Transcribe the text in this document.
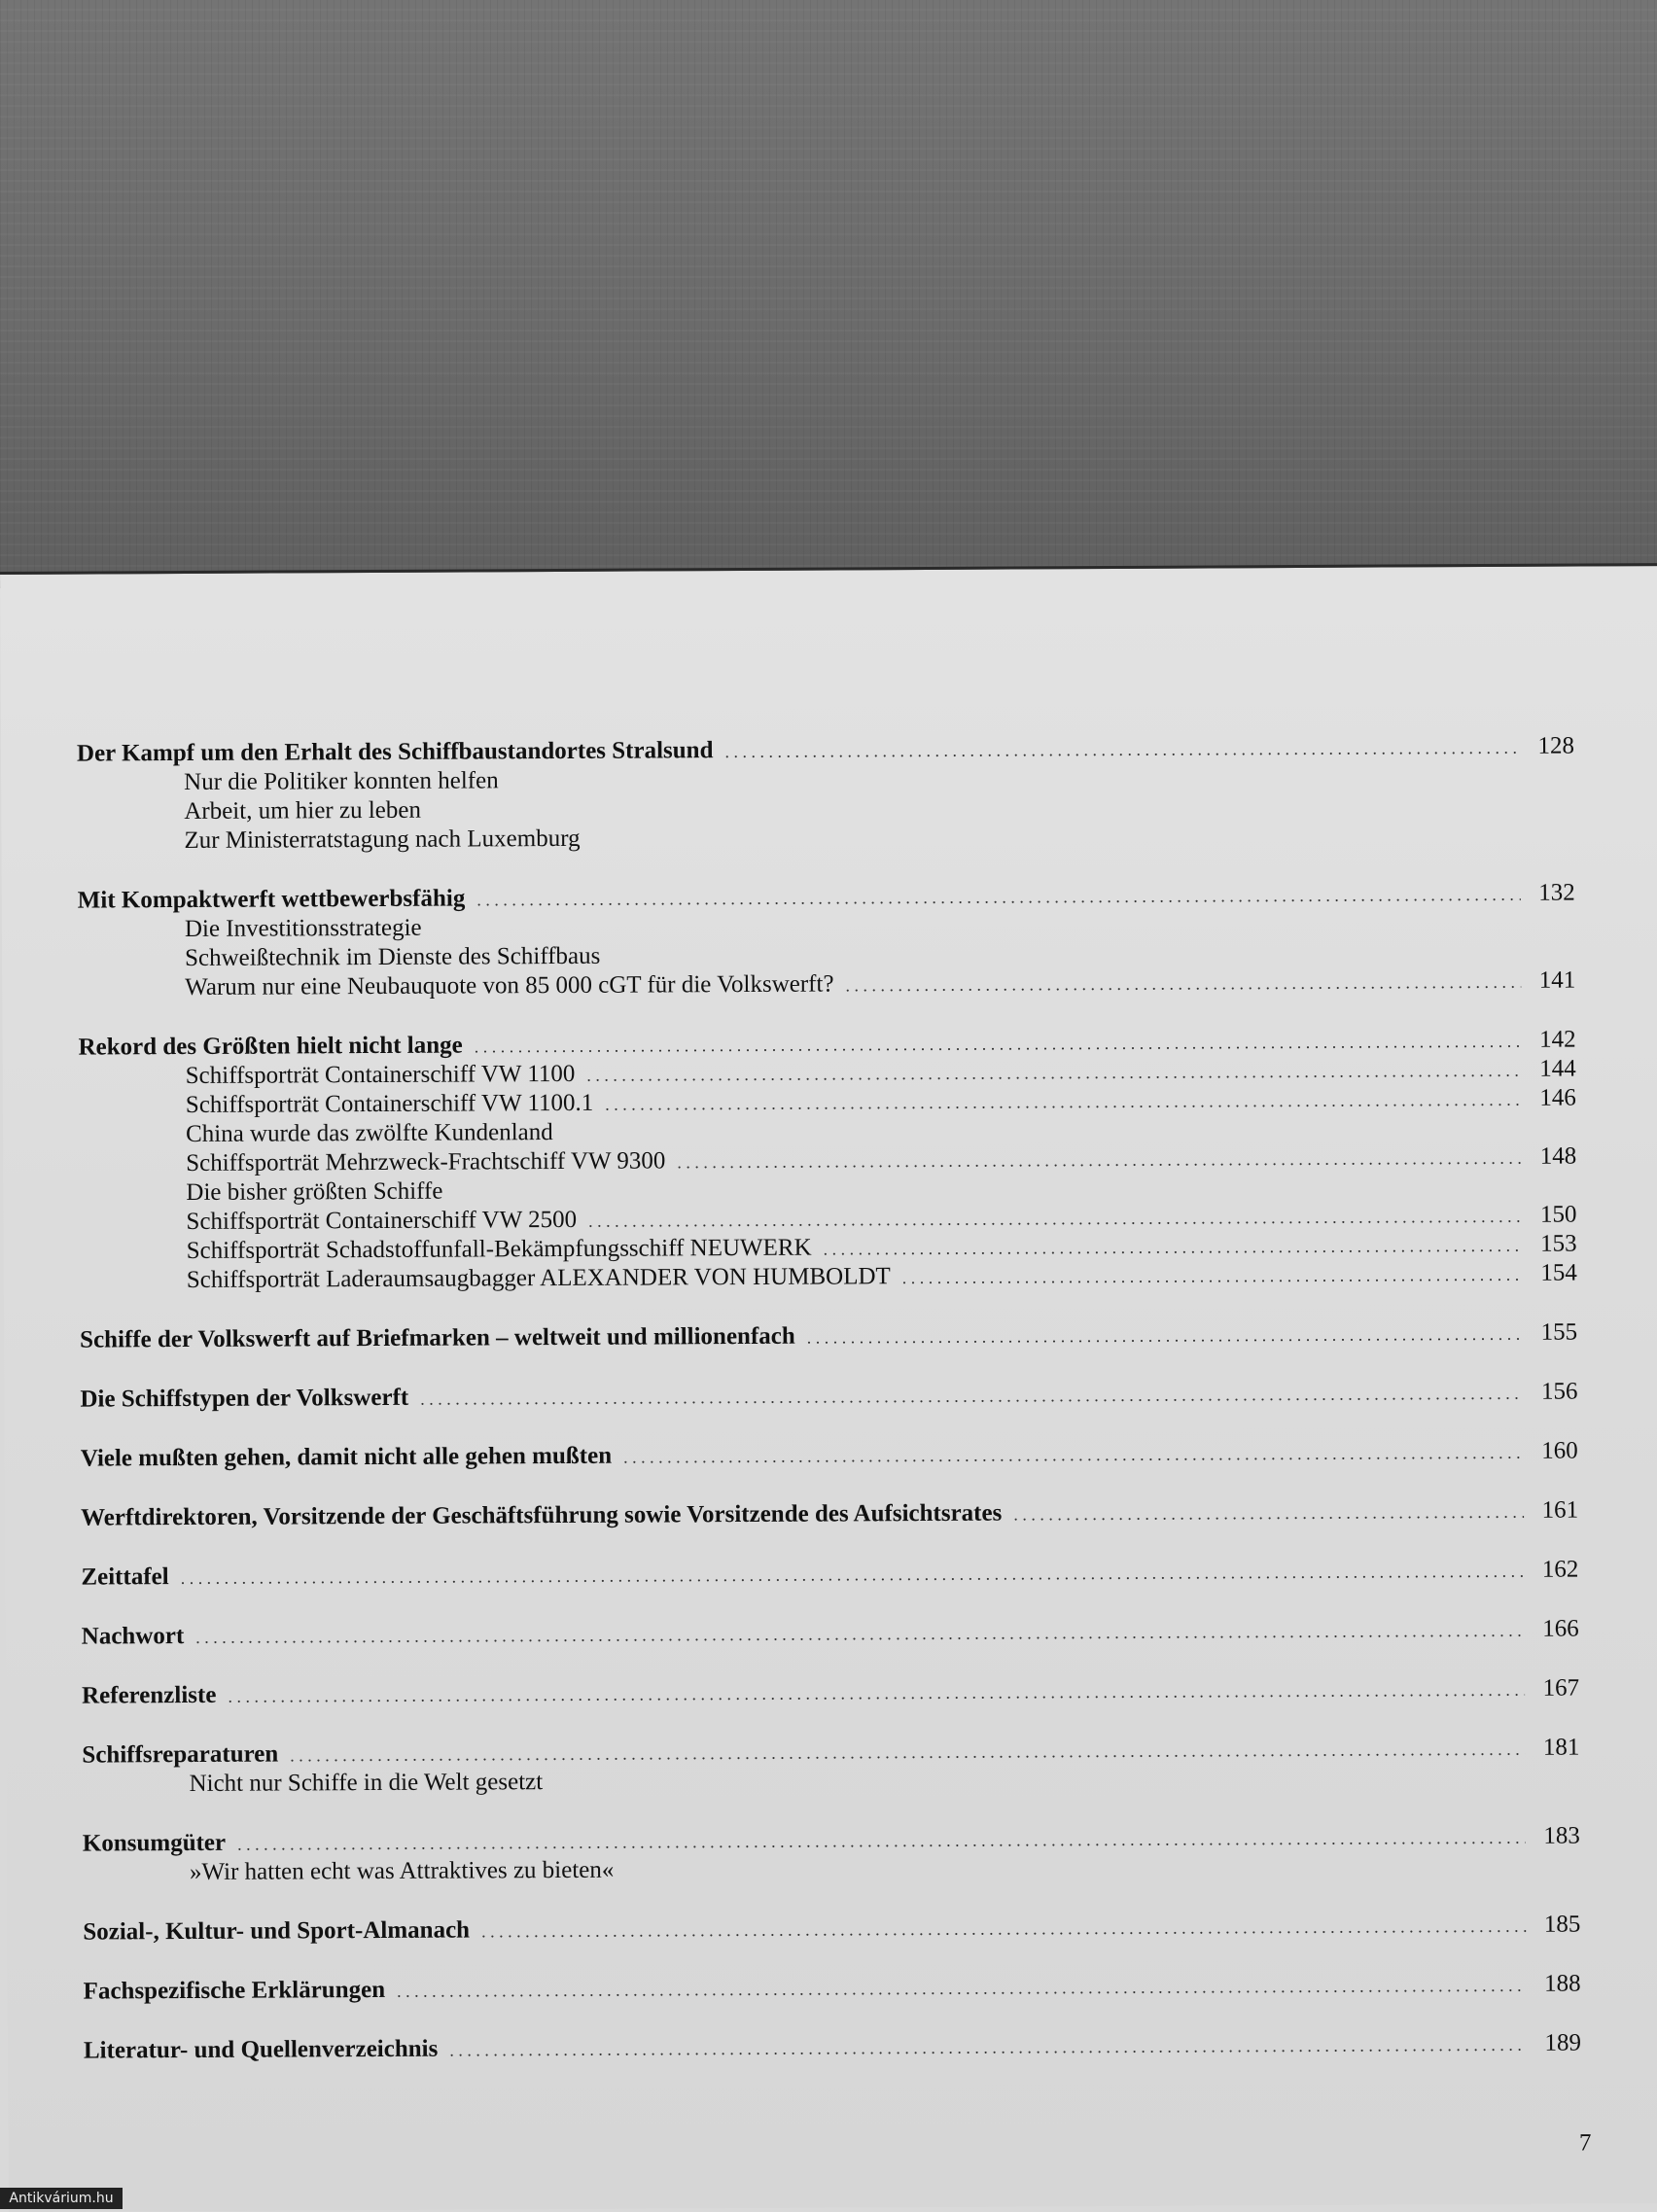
Der Kampf um den Erhalt des Schiffbaustandortes Stralsund . . .	128
Nur die Politiker konnten helfen
Arbeit, um hier zu leben
Zur Ministerratstagung nach Luxemburg
Mit Kompaktwerft wettbewerbsfähig . . .	132
Die Investitionsstrategie
Schweißtechnik im Dienste des Schiffbaus
Warum nur eine Neubauquote von 85 000 cGT für die Volkswerft? . . .	141
Rekord des Größten hielt nicht lange . . .	142
Schiffsporträt Containerschiff VW 1100 . . .	144
Schiffsporträt Containerschiff VW 1100.1 . . .	146
China wurde das zwölfte Kundenland
Schiffsporträt Mehrzweck-Frachtschiff VW 9300 . . .	148
Die bisher größten Schiffe
Schiffsporträt Containerschiff VW 2500 . . .	150
Schiffsporträt Schadstoffunfall-Bekämpfungsschiff NEUWERK . . .	153
Schiffsporträt Laderaumsaugbagger ALEXANDER VON HUMBOLDT . . .	154
Schiffe der Volkswerft auf Briefmarken – weltweit und millionenfach . . .	155
Die Schiffstypen der Volkswerft . . .	156
Viele mußten gehen, damit nicht alle gehen mußten . . .	160
Werftdirektoren, Vorsitzende der Geschäftsführung sowie Vorsitzende des Aufsichtsrates . . .	161
Zeittafel . . .	162
Nachwort . . .	166
Referenzliste . . .	167
Schiffsreparaturen . . .	181
Nicht nur Schiffe in die Welt gesetzt
Konsumgüter . . .	183
»Wir hatten echt was Attraktives zu bieten«
Sozial-, Kultur- und Sport-Almanach . . .	185
Fachspezifische Erklärungen . . .	188
Literatur- und Quellenverzeichnis . . .	189
7
Antikvárium.hu
